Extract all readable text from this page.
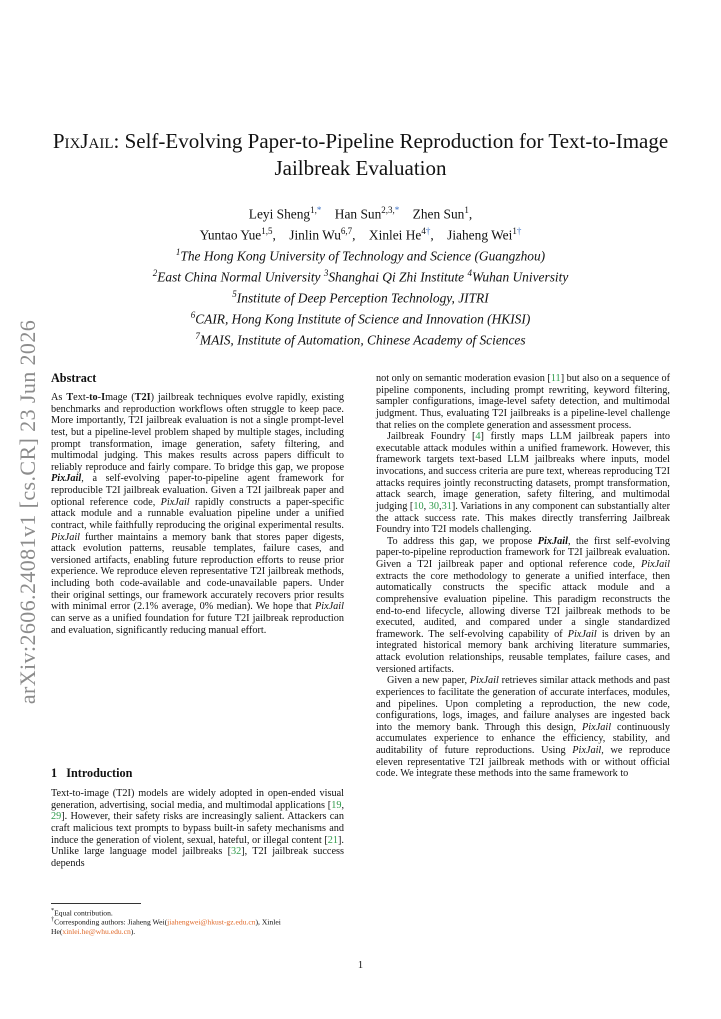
PixJail: Self-Evolving Paper-to-Pipeline Reproduction for Text-to-Image
Jailbreak Evaluation
Leyi Sheng$^{1,*}$ Han Sun$^{2,3,*}$ Zhen Sun$^1$,
Yuntao Yue$^{1,5}$, Jinlin Wu$^{6,7}$, Xinlei $He^{4\dagger}$, Jiaheng Wei$^{1\dagger}$
$^1$The Hong Kong University of Technology and Science (Guangzhou)
$^2$East China Normal University $^3$Shanghai Qi Zhi Institute $^4$Wuhan University
$^5$Institute of Deep Perception Technology, JITRI
$^6$CAIR, Hong Kong Institute of Science and Innovation (HKISI)
$^7$MAIS, Institute of Automation, Chinese Academy of Sciences
arXiv:2606.24081v1 [cs.CR] 23 Jun 2026 Abstract

As Text-to-Image (T2I) jailbreak techniques evolve rapidly, existing benchmarks and reproduction workflows often struggle to keep pace. More importantly, T2I jailbreak evaluation is not a single prompt-level test, but a pipeline-level problem shaped by multiple stages, including prompt transformation, image generation, safety filtering, and multimodal judging. This makes results across papers difficult to reliably reproduce and fairly compare. To bridge this gap, we propose PixJail, a self-evolving paper-to-pipeline agent framework for reproducible T2I jailbreak evaluation. Given a T2I jailbreak paper and optional reference code, PixJail rapidly constructs a paper-specific attack module and a runnable evaluation pipeline under a unified contract, while faithfully reproducing the original experimental results. PixJail further maintains a memory bank that stores paper digests, attack evolution patterns, reusable templates, failure cases, and versioned artifacts, enabling future reproduction efforts to reuse prior experience. We reproduce eleven representative T2I jailbreak methods, including both code-available and code-unavailable papers. Under their original settings, our framework accurately recovers prior results with minimal error (2.1% average, 0% median). We hope that PixJail can serve as a unified foundation for future T2I jailbreak reproduction and evaluation, significantly reducing manual effort.

1 Introduction

Text-to-image (T2I) models are widely adopted in open-ended visual generation, advertising, social media, and multimodal applications [19, 29]. However, their safety risks are increasingly salient. Attackers can craft malicious text prompts to bypass built-in safety mechanisms and induce the generation of violent, sexual, hateful, or illegal content [21]. Unlike large language model jailbreaks [32], T2I jailbreak success depends

*Equal contribution.
†Corresponding authors: Jiaheng Wei(jiahengwei@hkust-gz.edu.cn), Xinlei He(xinlei.he@whu.edu.cn).

not only on semantic moderation evasion [11] but also on a sequence of pipeline components, including prompt rewriting, keyword filtering, sampler configurations, image-level safety detection, and multimodal judgment. Thus, evaluating T2I jailbreaks is a pipeline-level challenge that relies on the complete generation and assessment process.

Jailbreak Foundry [4] firstly maps LLM jailbreak papers into executable attack modules within a unified framework. However, this framework targets text-based LLM jailbreaks where inputs, model invocations, and success criteria are pure text, whereas reproducing T2I attacks requires jointly reconstructing datasets, prompt transformation, attack search, image generation, safety filtering, and multimodal judging [10, 30,31]. Variations in any component can substantially alter the attack success rate. This makes directly transferring Jailbreak Foundry into T2I models challenging.

To address this gap, we propose PixJail, the first self-evolving paper-to-pipeline reproduction framework for T2I jailbreak evaluation. Given a T2I jailbreak paper and optional reference code, PixJail extracts the core methodology to generate a unified interface, then automatically constructs the specific attack module and a comprehensive evaluation pipeline. This paradigm reconstructs the end-to-end lifecycle, allowing diverse T2I jailbreak methods to be executed, audited, and compared under a single standardized framework. The self-evolving capability of PixJail is driven by an integrated historical memory bank archiving literature summaries, attack evolution relationships, reusable templates, failure cases, and versioned artifacts.

Given a new paper, PixJail retrieves similar attack methods and past experiences to facilitate the generation of accurate interfaces, modules, and pipelines. Upon completing a reproduction, the new code, configurations, logs, images, and failure analyses are ingested back into the memory bank. Through this design, PixJail continuously accumulates experience to enhance the efficiency, stability, and auditability of future reproductions. Using PixJail, we reproduce eleven representative T2I jailbreak methods with or without official code. We integrate these methods into the same framework to

1
